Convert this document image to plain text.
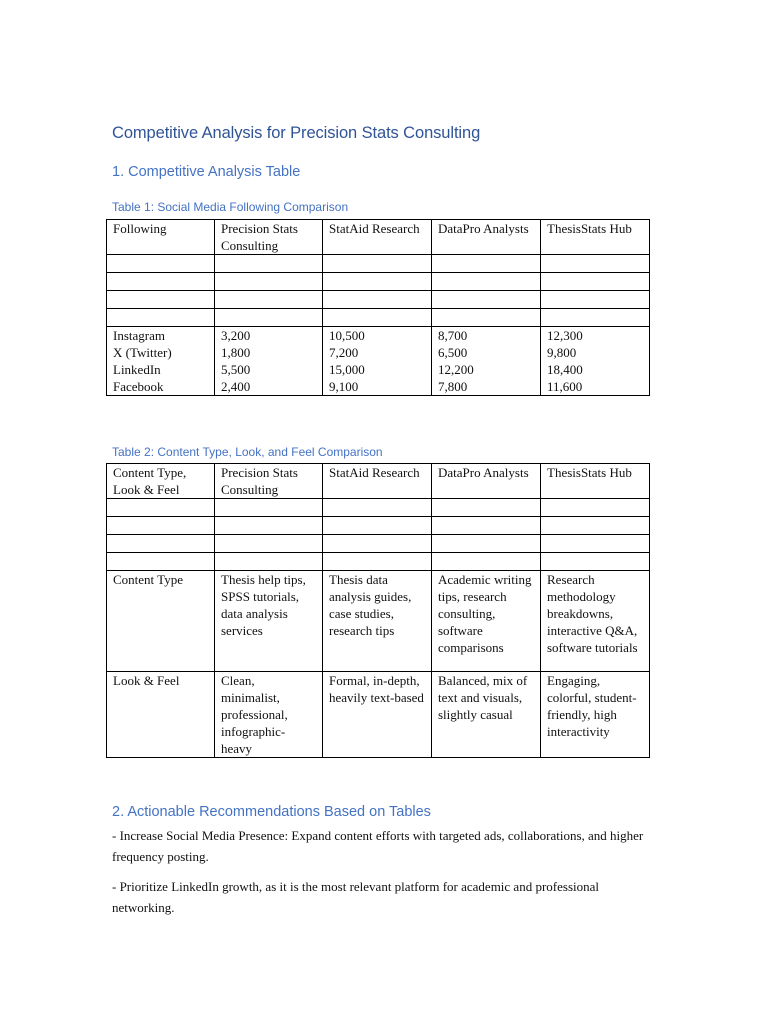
Competitive Analysis for Precision Stats Consulting
1. Competitive Analysis Table
Table 1: Social Media Following Comparison
Following	Precision Stats Consulting	StatAid Research	DataPro Analysts	ThesisStats Hub

Instagram	3,200	10,500	8,700	12,300
X (Twitter)	1,800	7,200	6,500	9,800
LinkedIn	5,500	15,000	12,200	18,400
Facebook	2,400	9,100	7,800	11,600
Table 2: Content Type, Look, and Feel Comparison
Content Type, Look & Feel	Precision Stats Consulting	StatAid Research	DataPro Analysts	ThesisStats Hub

Content Type	Thesis help tips, SPSS tutorials, data analysis services	Thesis data analysis guides, case studies, research tips	Academic writing tips, research consulting, software comparisons	Research methodology breakdowns, interactive Q&A, software tutorials
Look & Feel	Clean, minimalist, professional, infographic-heavy	Formal, in-depth, heavily text-based	Balanced, mix of text and visuals, slightly casual	Engaging, colorful, student-friendly, high interactivity
2. Actionable Recommendations Based on Tables
- Increase Social Media Presence: Expand content efforts with targeted ads, collaborations, and higher frequency posting.
- Prioritize LinkedIn growth, as it is the most relevant platform for academic and professional networking.
